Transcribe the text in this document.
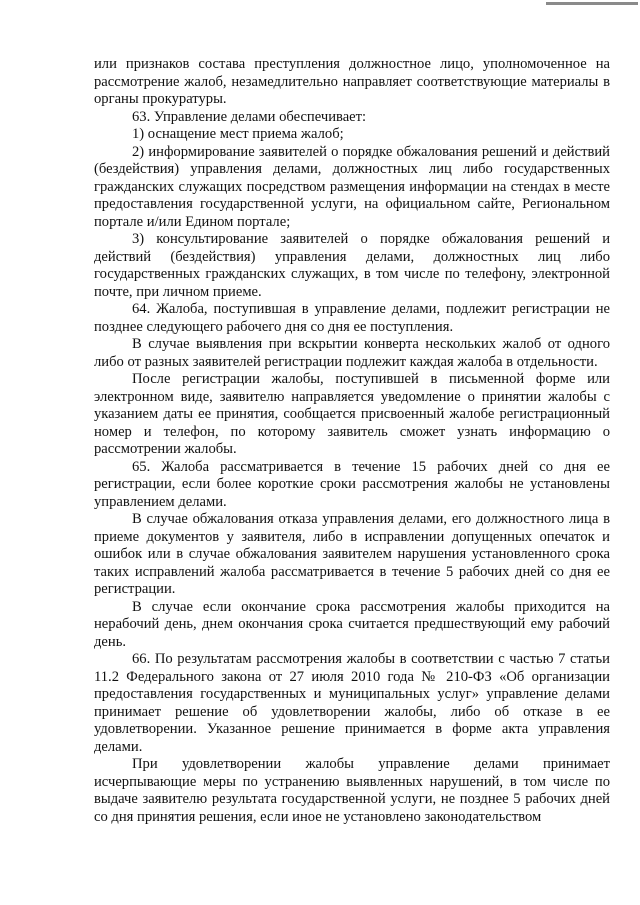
или признаков состава преступления должностное лицо, уполномоченное на рассмотрение жалоб, незамедлительно направляет соответствующие материалы в органы прокуратуры.

63. Управление делами обеспечивает:

1) оснащение мест приема жалоб;

2) информирование заявителей о порядке обжалования решений и действий (бездействия) управления делами, должностных лиц либо государственных гражданских служащих посредством размещения информации на стендах в месте предоставления государственной услуги, на официальном сайте, Региональном портале и/или Едином портале;

3) консультирование заявителей о порядке обжалования решений и действий (бездействия) управления делами, должностных лиц либо государственных гражданских служащих, в том числе по телефону, электронной почте, при личном приеме.

64. Жалоба, поступившая в управление делами, подлежит регистрации не позднее следующего рабочего дня со дня ее поступления.

В случае выявления при вскрытии конверта нескольких жалоб от одного либо от разных заявителей регистрации подлежит каждая жалоба в отдельности.

После регистрации жалобы, поступившей в письменной форме или электронном виде, заявителю направляется уведомление о принятии жалобы с указанием даты ее принятия, сообщается присвоенный жалобе регистрационный номер и телефон, по которому заявитель сможет узнать информацию о рассмотрении жалобы.

65. Жалоба рассматривается в течение 15 рабочих дней со дня ее регистрации, если более короткие сроки рассмотрения жалобы не установлены управлением делами.

В случае обжалования отказа управления делами, его должностного лица в приеме документов у заявителя, либо в исправлении допущенных опечаток и ошибок или в случае обжалования заявителем нарушения установленного срока таких исправлений жалоба рассматривается в течение 5 рабочих дней со дня ее регистрации.

В случае если окончание срока рассмотрения жалобы приходится на нерабочий день, днем окончания срока считается предшествующий ему рабочий день.

66. По результатам рассмотрения жалобы в соответствии с частью 7 статьи 11.2 Федерального закона от 27 июля 2010 года № 210-ФЗ «Об организации предоставления государственных и муниципальных услуг» управление делами принимает решение об удовлетворении жалобы, либо об отказе в ее удовлетворении. Указанное решение принимается в форме акта управления делами.

При удовлетворении жалобы управление делами принимает исчерпывающие меры по устранению выявленных нарушений, в том числе по выдаче заявителю результата государственной услуги, не позднее 5 рабочих дней со дня принятия решения, если иное не установлено законодательством
